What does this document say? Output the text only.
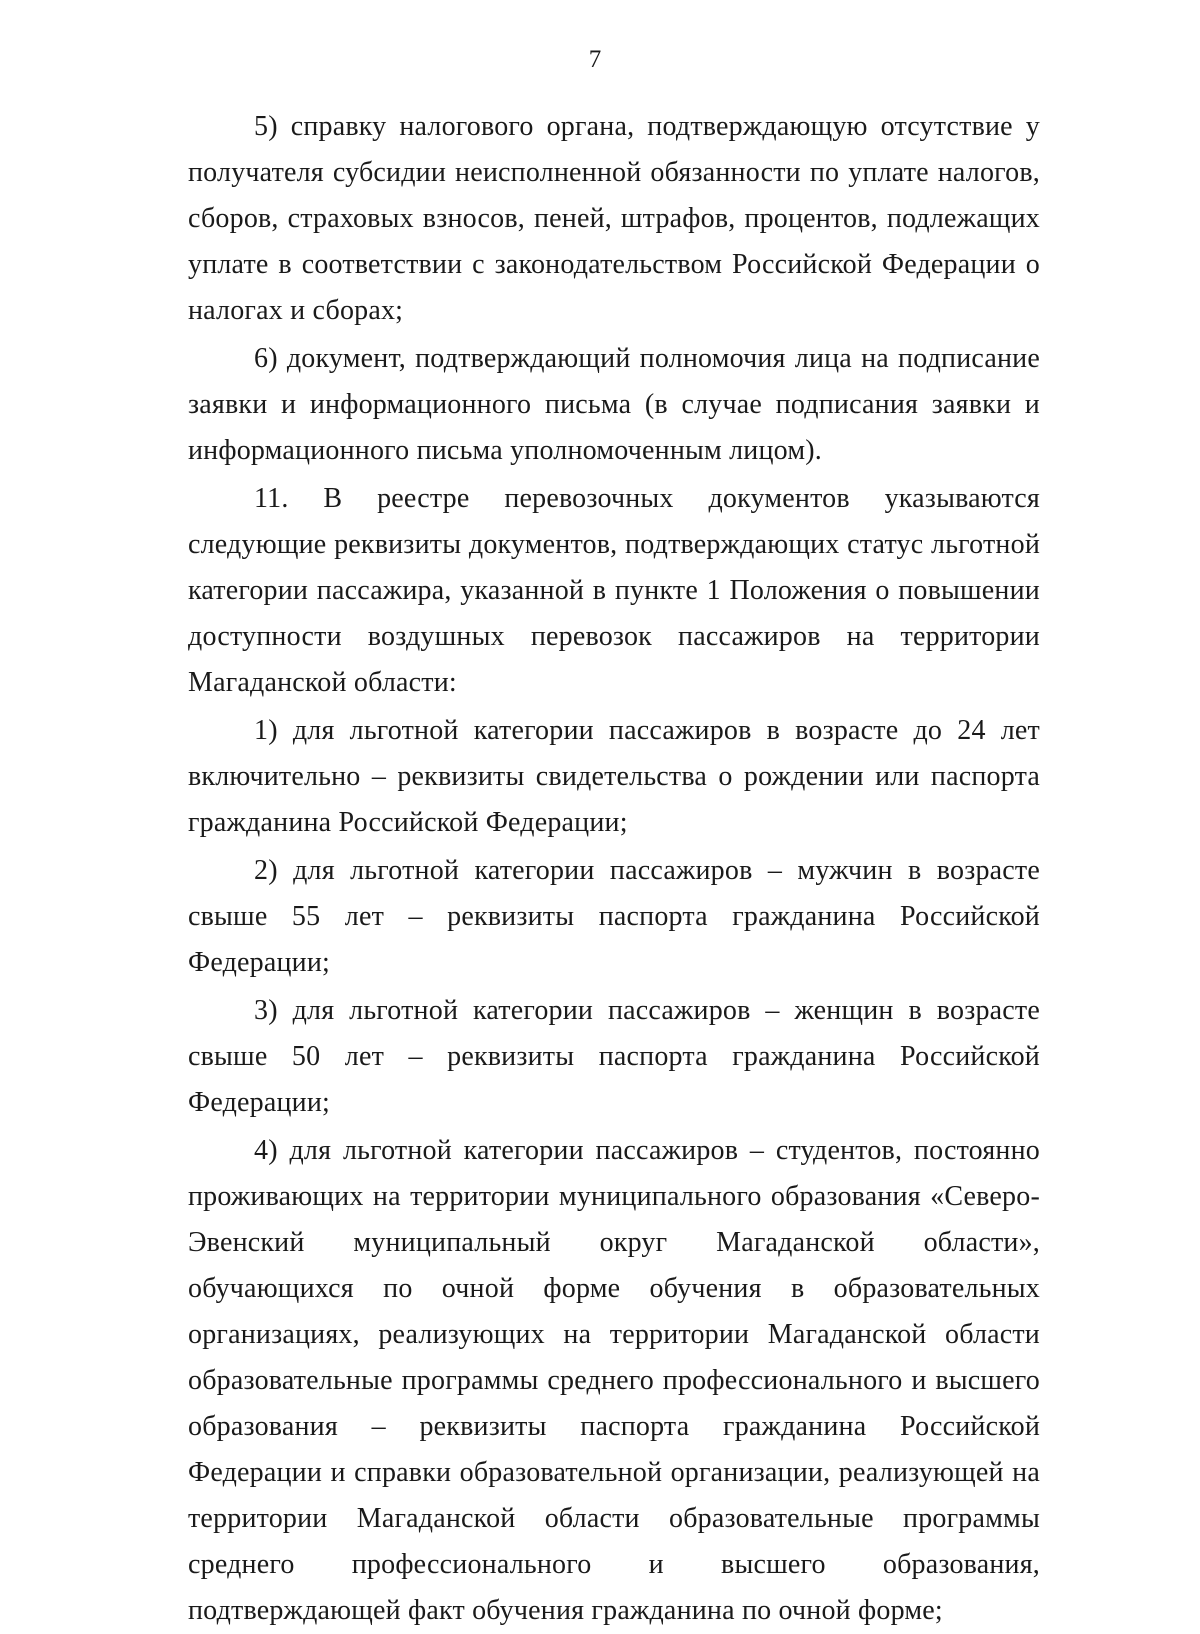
7

5) справку налогового органа, подтверждающую отсутствие у получателя субсидии неисполненной обязанности по уплате налогов, сборов, страховых взносов, пеней, штрафов, процентов, подлежащих уплате в соответствии с законодательством Российской Федерации о налогах и сборах;

6) документ, подтверждающий полномочия лица на подписание заявки и информационного письма (в случае подписания заявки и информационного письма уполномоченным лицом).

11. В реестре перевозочных документов указываются следующие реквизиты документов, подтверждающих статус льготной категории пассажира, указанной в пункте 1 Положения о повышении доступности воздушных перевозок пассажиров на территории Магаданской области:

1) для льготной категории пассажиров в возрасте до 24 лет включительно – реквизиты свидетельства о рождении или паспорта гражданина Российской Федерации;

2) для льготной категории пассажиров – мужчин в возрасте свыше 55 лет – реквизиты паспорта гражданина Российской Федерации;

3) для льготной категории пассажиров – женщин в возрасте свыше 50 лет – реквизиты паспорта гражданина Российской Федерации;

4) для льготной категории пассажиров – студентов, постоянно проживающих на территории муниципального образования «Северо-Эвенский муниципальный округ Магаданской области», обучающихся по очной форме обучения в образовательных организациях, реализующих на территории Магаданской области образовательные программы среднего профессионального и высшего образования – реквизиты паспорта гражданина Российской Федерации и справки образовательной организации, реализующей на территории Магаданской области образовательные программы среднего профессионального и высшего образования, подтверждающей факт обучения гражданина по очной форме;
